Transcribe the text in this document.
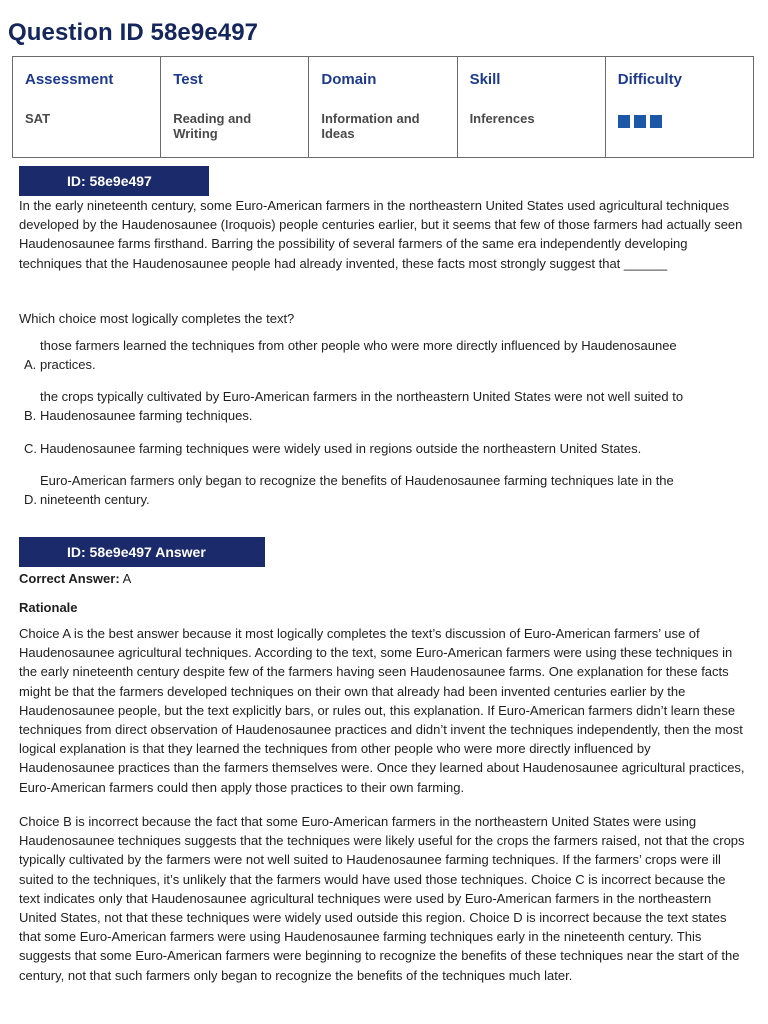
Question ID 58e9e497
Assessment
SAT

Test
Reading and Writing

Domain
Information and Ideas

Skill
Inferences

Difficulty
ID: 58e9e497
In the early nineteenth century, some Euro-American farmers in the northeastern United States used agricultural techniques developed by the Haudenosaunee (Iroquois) people centuries earlier, but it seems that few of those farmers had actually seen Haudenosaunee farms firsthand. Barring the possibility of several farmers of the same era independently developing techniques that the Haudenosaunee people had already invented, these facts most strongly suggest that ______
Which choice most logically completes the text?
A.
those farmers learned the techniques from other people who were more directly influenced by Haudenosaunee practices.
B.
the crops typically cultivated by Euro-American farmers in the northeastern United States were not well suited to Haudenosaunee farming techniques.
C. Haudenosaunee farming techniques were widely used in regions outside the northeastern United States.
D.
Euro-American farmers only began to recognize the benefits of Haudenosaunee farming techniques late in the nineteenth century.
ID: 58e9e497 Answer
Correct Answer: A
Rationale
Choice A is the best answer because it most logically completes the text’s discussion of Euro-American farmers’ use of Haudenosaunee agricultural techniques. According to the text, some Euro-American farmers were using these techniques in the early nineteenth century despite few of the farmers having seen Haudenosaunee farms. One explanation for these facts might be that the farmers developed techniques on their own that already had been invented centuries earlier by the Haudenosaunee people, but the text explicitly bars, or rules out, this explanation. If Euro-American farmers didn’t learn these techniques from direct observation of Haudenosaunee practices and didn’t invent the techniques independently, then the most logical explanation is that they learned the techniques from other people who were more directly influenced by Haudenosaunee practices than the farmers themselves were. Once they learned about Haudenosaunee agricultural practices, Euro-American farmers could then apply those practices to their own farming.
Choice B is incorrect because the fact that some Euro-American farmers in the northeastern United States were using Haudenosaunee techniques suggests that the techniques were likely useful for the crops the farmers raised, not that the crops typically cultivated by the farmers were not well suited to Haudenosaunee farming techniques. If the farmers’ crops were ill suited to the techniques, it’s unlikely that the farmers would have used those techniques. Choice C is incorrect because the text indicates only that Haudenosaunee agricultural techniques were used by Euro-American farmers in the northeastern United States, not that these techniques were widely used outside this region. Choice D is incorrect because the text states that some Euro-American farmers were using Haudenosaunee farming techniques early in the nineteenth century. This suggests that some Euro-American farmers were beginning to recognize the benefits of these techniques near the start of the century, not that such farmers only began to recognize the benefits of the techniques much later.
